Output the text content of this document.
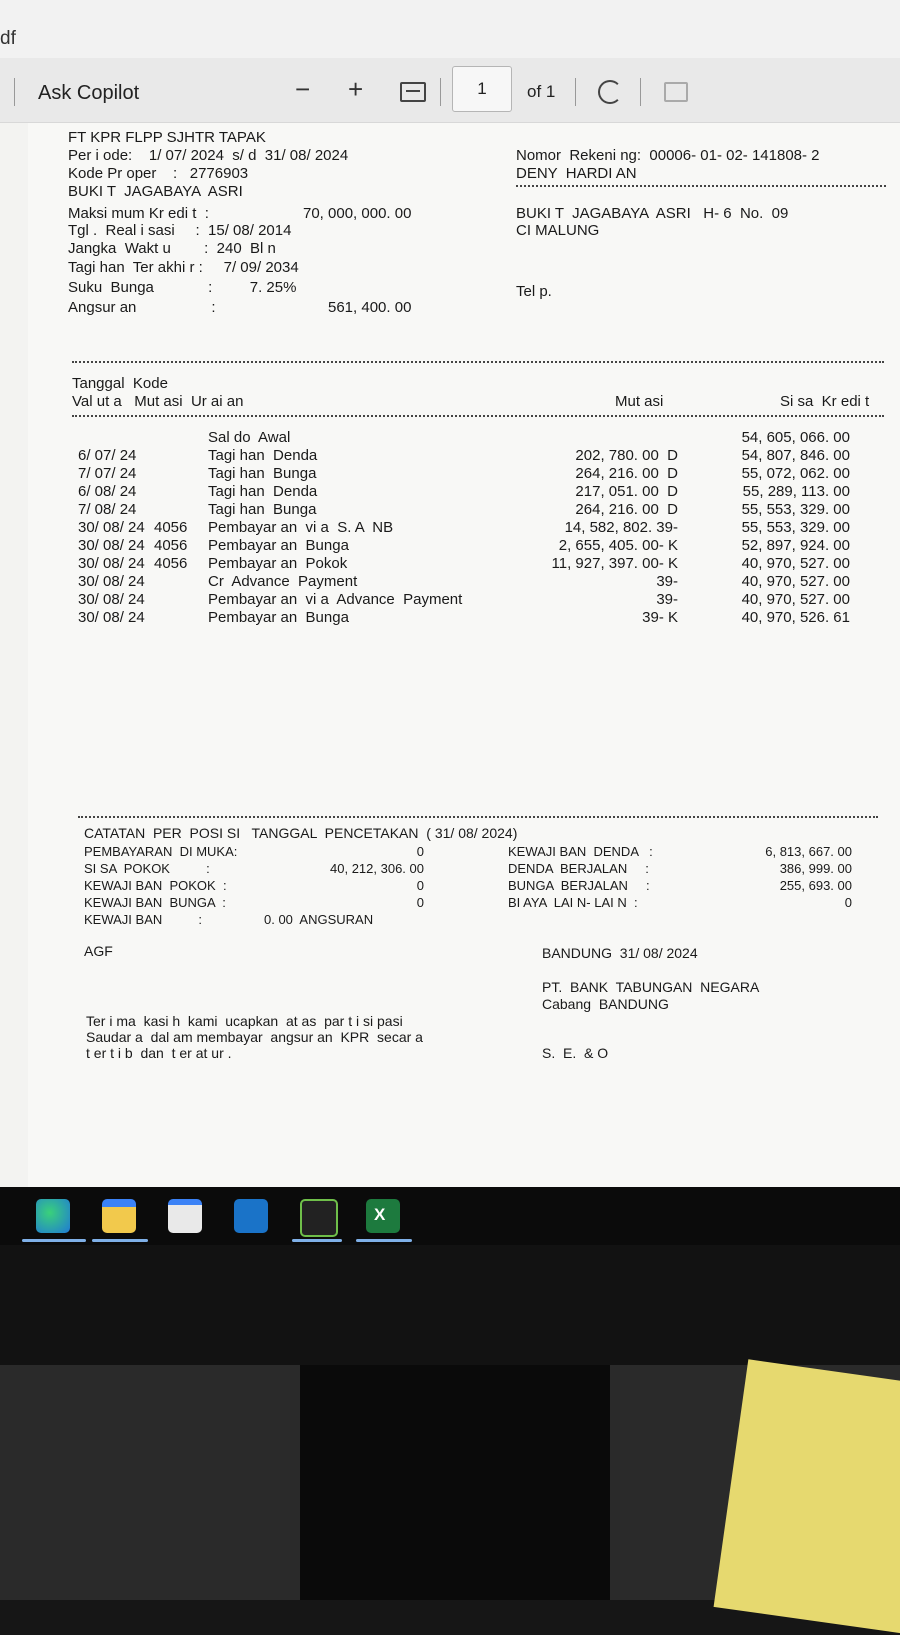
df
Ask Copilot	− +	1	of 1
FT KPR FLPP SJHTR TAPAK
Per i ode:    1/ 07/ 2024  s/ d  31/ 08/ 2024
Kode Pr oper    :   2776903
BUKI T  JAGABAYA  ASRI
Maksi mum Kr edi t  :	70, 000, 000. 00
Tgl .  Real i sasi     :  15/ 08/ 2014
Jangka  Wakt u        :  240  Bl n
Tagi han  Ter akhi r :     7/ 09/ 2034
Suku  Bunga             :         7. 25%
Angsur an                  :	561, 400. 00
Nomor  Rekeni ng:  00006- 01- 02- 141808- 2
DENY  HARDI AN
BUKI T  JAGABAYA  ASRI   H- 6  No.  09
CI MALUNG
Tel p.
Tanggal  Kode
Val ut a   Mut asi  Ur ai an	Mut asi	Si sa  Kr edi t
Sal do  Awal	54, 605, 066. 00
6/ 07/ 24	Tagi han  Denda	202, 780. 00  D	54, 807, 846. 00
7/ 07/ 24	Tagi han  Bunga	264, 216. 00  D	55, 072, 062. 00
6/ 08/ 24	Tagi han  Denda	217, 051. 00  D	55, 289, 113. 00
7/ 08/ 24	Tagi han  Bunga	264, 216. 00  D	55, 553, 329. 00
30/ 08/ 24 4056 Pembayar an  vi a  S. A  NB	14, 582, 802. 39-	55, 553, 329. 00
30/ 08/ 24 4056 Pembayar an  Bunga	2, 655, 405. 00- K	52, 897, 924. 00
30/ 08/ 24 4056 Pembayar an  Pokok	11, 927, 397. 00- K	40, 970, 527. 00
30/ 08/ 24	Cr  Advance  Payment	39-	40, 970, 527. 00
30/ 08/ 24	Pembayar an  vi a  Advance  Payment	39-	40, 970, 527. 00
30/ 08/ 24	Pembayar an  Bunga	39- K	40, 970, 526. 61
CATATAN  PER  POSI SI   TANGGAL  PENCETAKAN  ( 31/ 08/ 2024)
PEMBAYARAN  DI MUKA:	0
SI SA  POKOK          :	40, 212, 306. 00
KEWAJI BAN  POKOK  :	0
KEWAJI BAN  BUNGA  :	0
KEWAJI BAN          :	0. 00  ANGSURAN
KEWAJI BAN  DENDA   :	6, 813, 667. 00
DENDA  BERJALAN     :	386, 999. 00
BUNGA  BERJALAN     :	255, 693. 00
BI AYA  LAI N- LAI N  :	0
AGF	BANDUNG  31/ 08/ 2024
PT.  BANK  TABUNGAN  NEGARA
Cabang  BANDUNG
Ter i ma  kasi h  kami  ucapkan  at as  par t i si pasi
Saudar a  dal am membayar  angsur an  KPR  secar a
t er t i b  dan  t er at ur .	S.  E.  & O
X
